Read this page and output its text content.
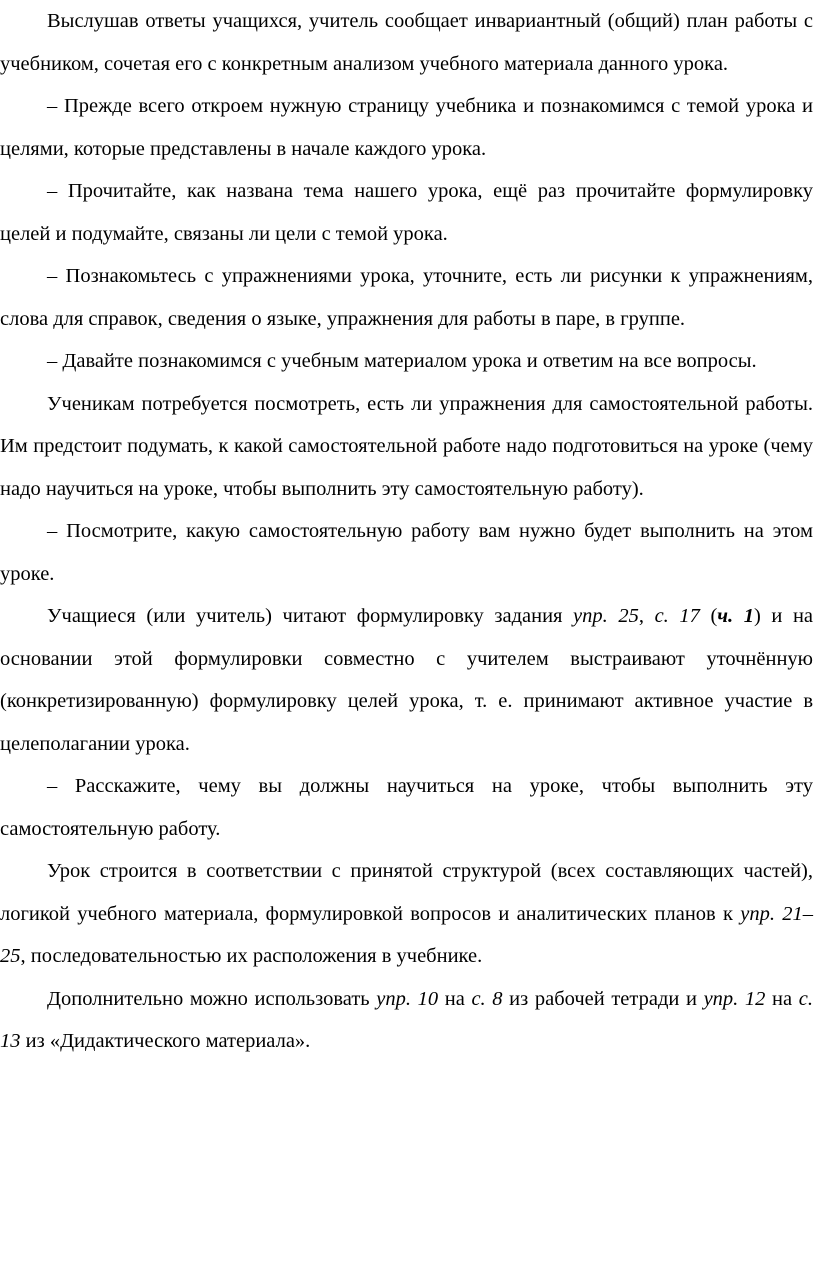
Выслушав ответы учащихся, учитель сообщает инвариантный (общий) план работы с учебником, сочетая его с конкретным анализом учебного материала данного урока.

– Прежде всего откроем нужную страницу учебника и познакомимся с темой урока и целями, которые представлены в начале каждого урока.

– Прочитайте, как названа тема нашего урока, ещё раз прочитайте формулировку целей и подумайте, связаны ли цели с темой урока.

– Познакомьтесь с упражнениями урока, уточните, есть ли рисунки к упражнениям, слова для справок, сведения о языке, упражнения для работы в паре, в группе.

– Давайте познакомимся с учебным материалом урока и ответим на все вопросы.

Ученикам потребуется посмотреть, есть ли упражнения для самостоятельной работы. Им предстоит подумать, к какой самостоятельной работе надо подготовиться на уроке (чему надо научиться на уроке, чтобы выполнить эту самостоятельную работу).

– Посмотрите, какую самостоятельную работу вам нужно будет выполнить на этом уроке.

Учащиеся (или учитель) читают формулировку задания упр. 25, с. 17 (ч. 1) и на основании этой формулировки совместно с учителем выстраивают уточнённую (конкретизированную) формулировку целей урока, т. е. принимают активное участие в целеполагании урока.

– Расскажите, чему вы должны научиться на уроке, чтобы выполнить эту самостоятельную работу.

Урок строится в соответствии с принятой структурой (всех составляющих частей), логикой учебного материала, формулировкой вопросов и аналитических планов к упр. 21–25, последовательностью их расположения в учебнике.

Дополнительно можно использовать упр. 10 на с. 8 из рабочей тетради и упр. 12 на с. 13 из «Дидактического материала».
